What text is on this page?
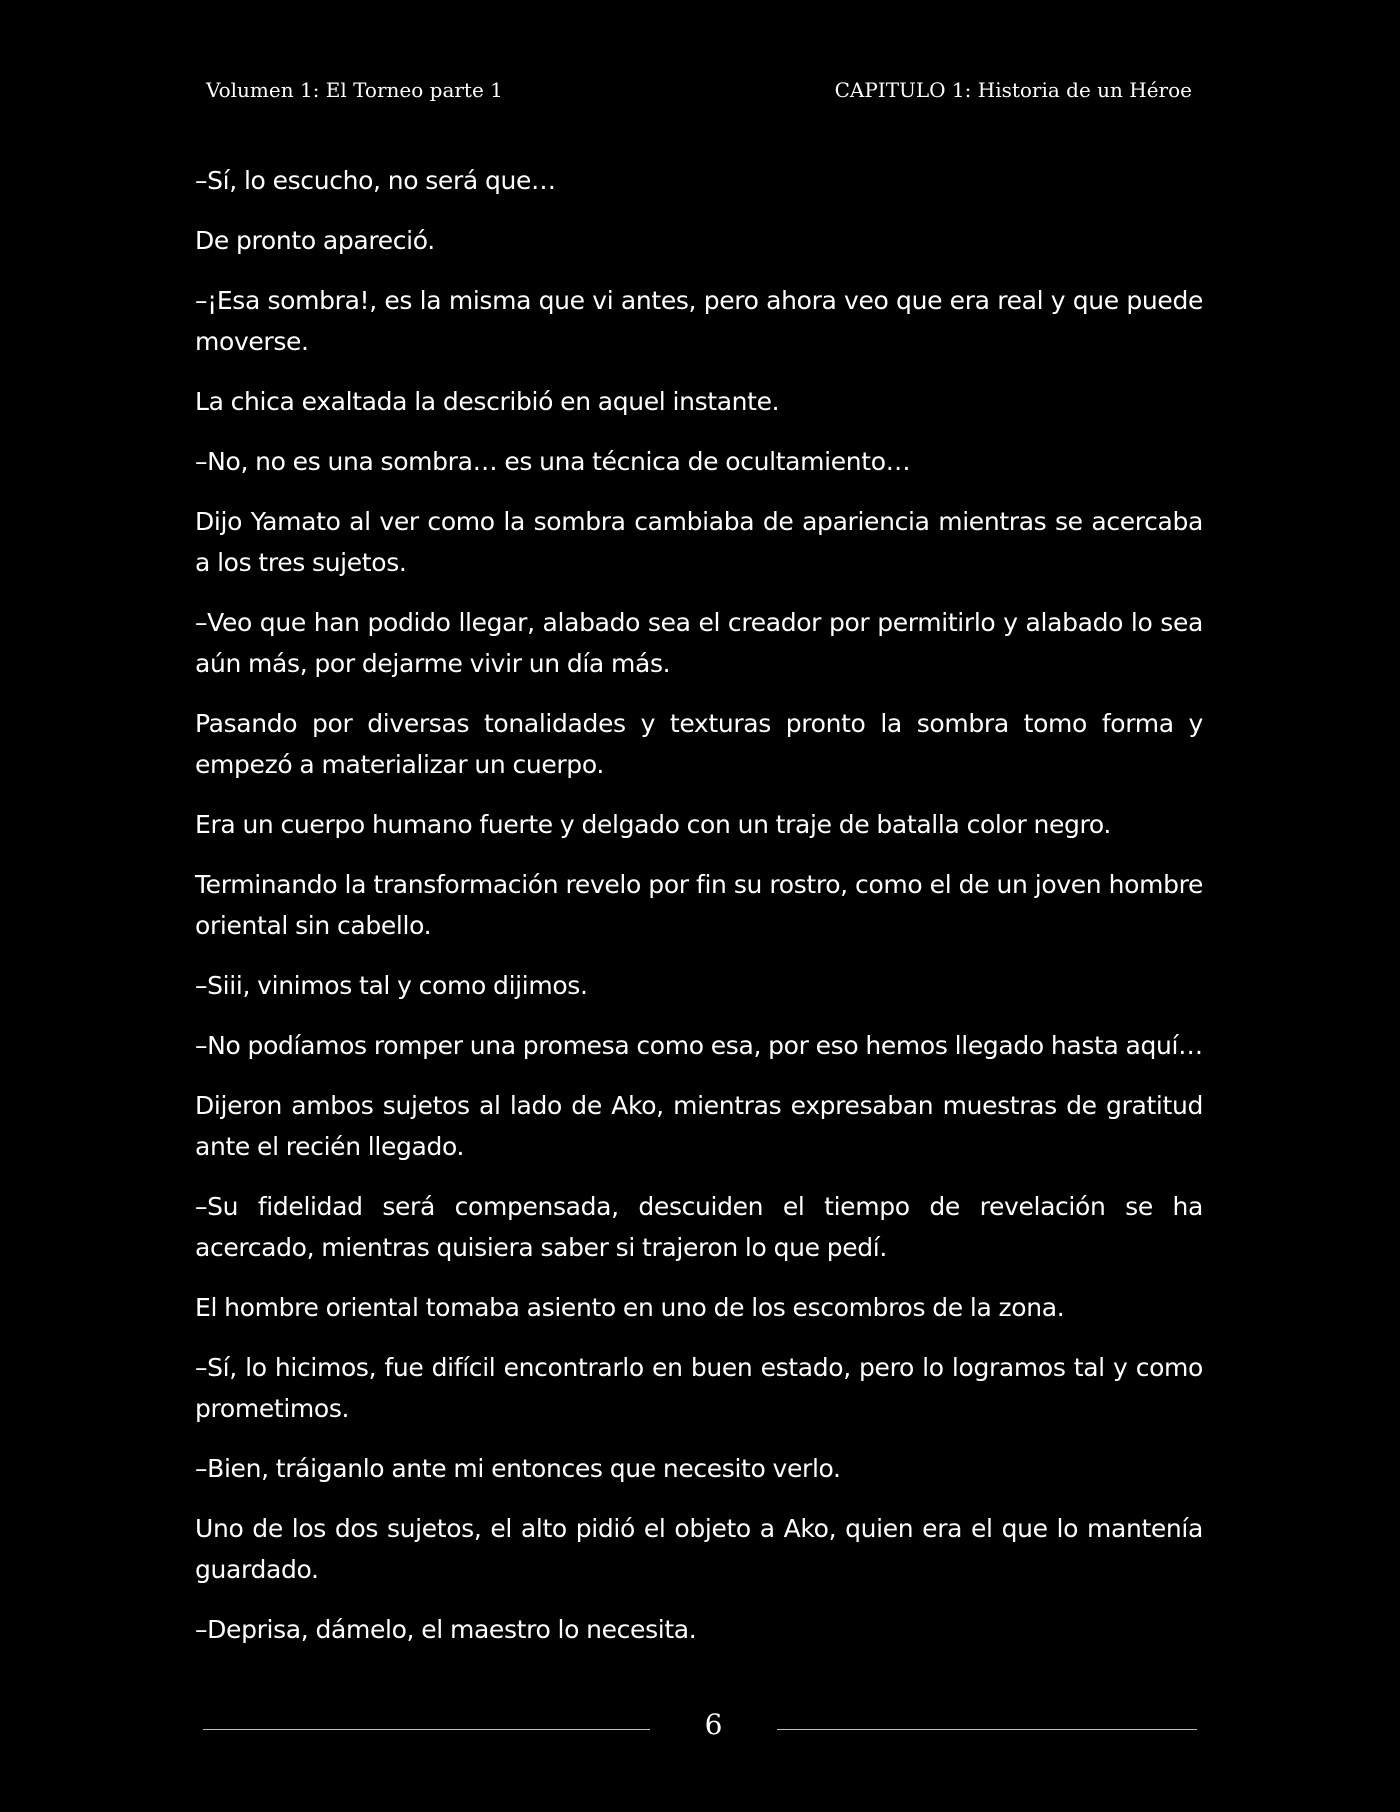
Volumen 1: El Torneo parte 1	CAPITULO 1: Historia de un Héroe

–Sí, lo escucho, no será que…

De pronto apareció.

–¡Esa sombra!, es la misma que vi antes, pero ahora veo que era real y que puede moverse.

La chica exaltada la describió en aquel instante.

–No, no es una sombra… es una técnica de ocultamiento…

Dijo Yamato al ver como la sombra cambiaba de apariencia mientras se acercaba a los tres sujetos.

–Veo que han podido llegar, alabado sea el creador por permitirlo y alabado lo sea aún más, por dejarme vivir un día más.

Pasando por diversas tonalidades y texturas pronto la sombra tomo forma y empezó a materializar un cuerpo.

Era un cuerpo humano fuerte y delgado con un traje de batalla color negro.

Terminando la transformación revelo por fin su rostro, como el de un joven hombre oriental sin cabello.

–Siii, vinimos tal y como dijimos.

–No podíamos romper una promesa como esa, por eso hemos llegado hasta aquí…

Dijeron ambos sujetos al lado de Ako, mientras expresaban muestras de gratitud ante el recién llegado.

–Su fidelidad será compensada, descuiden el tiempo de revelación se ha acercado, mientras quisiera saber si trajeron lo que pedí.

El hombre oriental tomaba asiento en uno de los escombros de la zona.

–Sí, lo hicimos, fue difícil encontrarlo en buen estado, pero lo logramos tal y como prometimos.

–Bien, tráiganlo ante mi entonces que necesito verlo.

Uno de los dos sujetos, el alto pidió el objeto a Ako, quien era el que lo mantenía guardado.

–Deprisa, dámelo, el maestro lo necesita.

6
